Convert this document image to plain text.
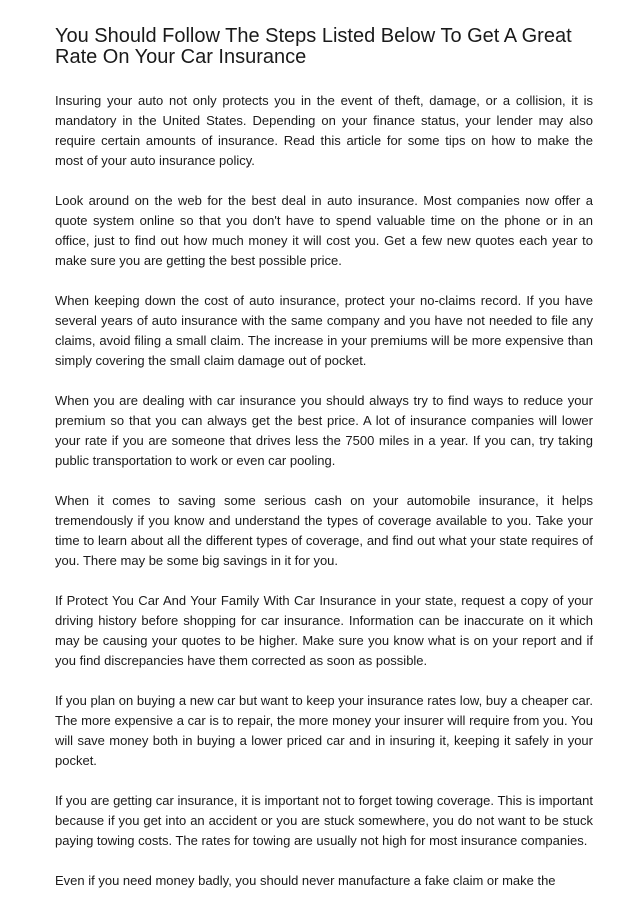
You Should Follow The Steps Listed Below To Get A Great Rate On Your Car Insurance

Insuring your auto not only protects you in the event of theft, damage, or a collision, it is mandatory in the United States. Depending on your finance status, your lender may also require certain amounts of insurance. Read this article for some tips on how to make the most of your auto insurance policy.

Look around on the web for the best deal in auto insurance. Most companies now offer a quote system online so that you don't have to spend valuable time on the phone or in an office, just to find out how much money it will cost you. Get a few new quotes each year to make sure you are getting the best possible price.

When keeping down the cost of auto insurance, protect your no-claims record. If you have several years of auto insurance with the same company and you have not needed to file any claims, avoid filing a small claim. The increase in your premiums will be more expensive than simply covering the small claim damage out of pocket.

When you are dealing with car insurance you should always try to find ways to reduce your premium so that you can always get the best price. A lot of insurance companies will lower your rate if you are someone that drives less the 7500 miles in a year. If you can, try taking public transportation to work or even car pooling.

When it comes to saving some serious cash on your automobile insurance, it helps tremendously if you know and understand the types of coverage available to you. Take your time to learn about all the different types of coverage, and find out what your state requires of you. There may be some big savings in it for you.

If Protect You Car And Your Family With Car Insurance in your state, request a copy of your driving history before shopping for car insurance. Information can be inaccurate on it which may be causing your quotes to be higher. Make sure you know what is on your report and if you find discrepancies have them corrected as soon as possible.

If you plan on buying a new car but want to keep your insurance rates low, buy a cheaper car. The more expensive a car is to repair, the more money your insurer will require from you. You will save money both in buying a lower priced car and in insuring it, keeping it safely in your pocket.

If you are getting car insurance, it is important not to forget towing coverage. This is important because if you get into an accident or you are stuck somewhere, you do not want to be stuck paying towing costs. The rates for towing are usually not high for most insurance companies.

Even if you need money badly, you should never manufacture a fake claim or make the
